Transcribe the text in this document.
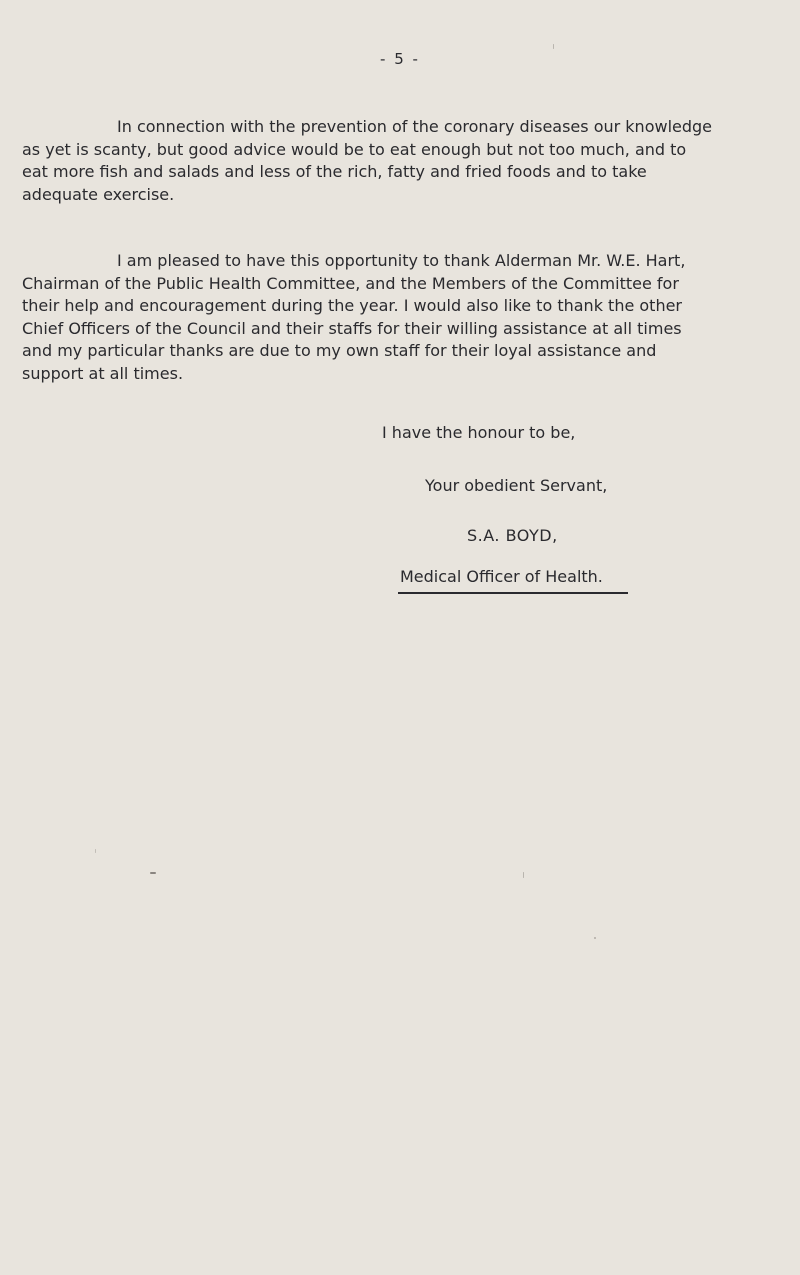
- 5 -

In connection with the prevention of the coronary diseases our knowledge

as yet is scanty, but good advice would be to eat enough but not too much, and to

eat more fish and salads and less of the rich, fatty and fried foods and to take

adequate exercise.

I am pleased to have this opportunity to thank Alderman Mr. W.E. Hart,

Chairman of the Public Health Committee, and the Members of the Committee for

their help and encouragement during the year. I would also like to thank the other

Chief Officers of the Council and their staffs for their willing assistance at all times

and my particular thanks are due to my own staff for their loyal assistance and

support at all times.

I have the honour to be,
Your obedient Servant,
S.A. BOYD,
Medical Officer of Health.
